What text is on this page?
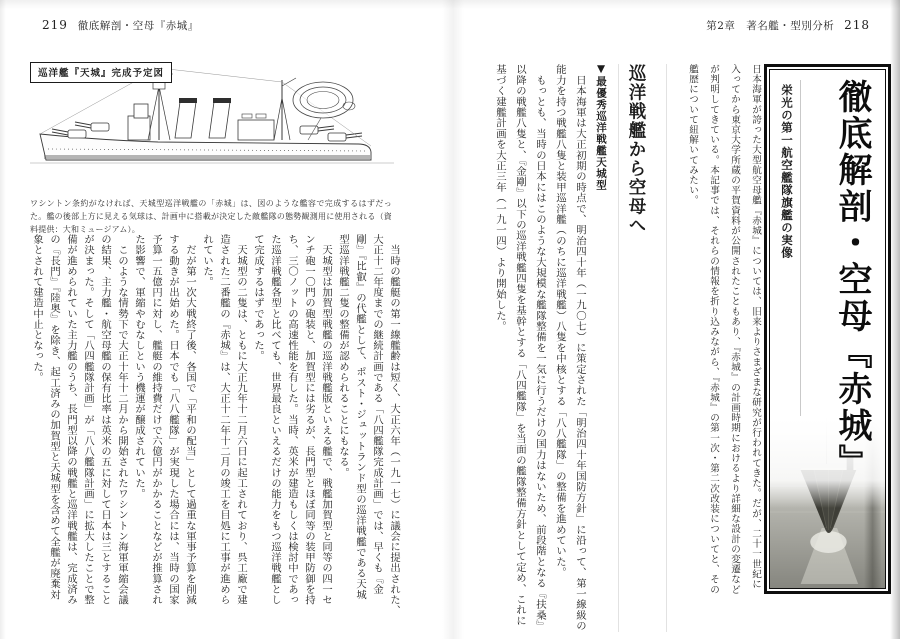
219 徹底解剖・空母『赤城』	第2章 著名艦・型別分析 218
巡洋艦『天城』完成予定図
ワシントン条約がなければ、天城型巡洋戦艦の「赤城」は、図のような艦容で完成するはずだった。艦の後部上方に見える気球は、計画中に搭載が決定した敵艦隊の態勢観測用に使用される（資料提供：大和ミュージアム）。
　当時の艦艇の第一線艦齢は短く、大正六年（一九一七）に議会に提出された、
大正十二年度までの継続計画である「八四艦隊完成計画」では、早くも『金
剛』『比叡』の代艦として、ポスト・ジュットランド型の巡洋戦艦である天城
型巡洋戦艦二隻の整備が認められることにもなる。
　天城型は加賀型戦艦の巡洋戦艦版といえる艦で、戦艦加賀型と同等の四一セ
ンチ砲一〇門の砲装と、加賀型には劣るが、長門型とほぼ同等の装甲防御を持
ち、三〇ノットの高速性能を有した。当時、英米が建造もしくは検討中であっ
た巡洋戦艦各型と比べても、世界最良といえるだけの能力をもつ巡洋戦艦とし
て完成するはずであった。
　天城型の二隻は、ともに大正九年十二月六日に起工されており、呉工廠で建
造された二番艦の『赤城』は、大正十二年十二月の竣工を目処に工事が進めら
れていた。
　だが第一次大戦終了後、各国で「平和の配当」として過重な軍事予算を削減
する動きが出始めた。日本でも「八八艦隊」が実現した場合には、当時の国家
予算一五億円に対し、艦艇の維持費だけで六億円がかかることなどが推算され
た影響で、軍縮やむなしという機運が醸成されていた。
　このような情勢下で大正十年十二月から開始されたワシントン海軍軍縮会議
の結果、主力艦・航空母艦の保有比率は英米の五に対して日本は三とすること
が決まった。そして「八四艦隊計画」が「八八艦隊計画」に拡大したことで整
備が進められていた主力艦のうち、長門型以降の戦艦と巡洋戦艦は、完成済み
の『長門』『陸奥』を除き、起工済みの加賀型と天城型を含めて全艦が廃棄対
象とされて建造中止となった。	　日本海軍は大正初期の時点で、明治四十年（一九〇七）に策定された「明治四十年国防方針」に沿って、第一線級の
能力を持つ戦艦八隻と装甲巡洋艦（のちに巡洋戦艦）八隻を中核とする「八八艦隊」の整備を進めていた。
　もっとも、当時の日本にはこのような大規模な艦隊整備を一気に行うだけの国力はないため、前段階となる『扶桑』
以降の戦艦八隻と、『金剛』以下の巡洋戦艦四隻を基幹とする「八四艦隊」を当面の艦隊整備方針として定め、これに
基づく建艦計画を大正三年（一九一四）より開始した。	▼最優秀巡洋戦艦天城型 巡洋戦艦から空母へ	日本海軍が誇った大型航空母艦『赤城』については、旧来よりさまざまな研究が行われてきた。だが、二十一世紀に
入ってから東京大学所蔵の平賀資料が公開されたこともあり、『赤城』の計画時期におけるより詳細な設計の変遷など
が判明してきている。本記事では、それらの情報を折り込みながら、『赤城』の第一次・第二次改装についてと、その
艦歴について紐解いてみたい。	栄光の第一航空艦隊旗艦の実像 徹底解剖・空母『赤城』
